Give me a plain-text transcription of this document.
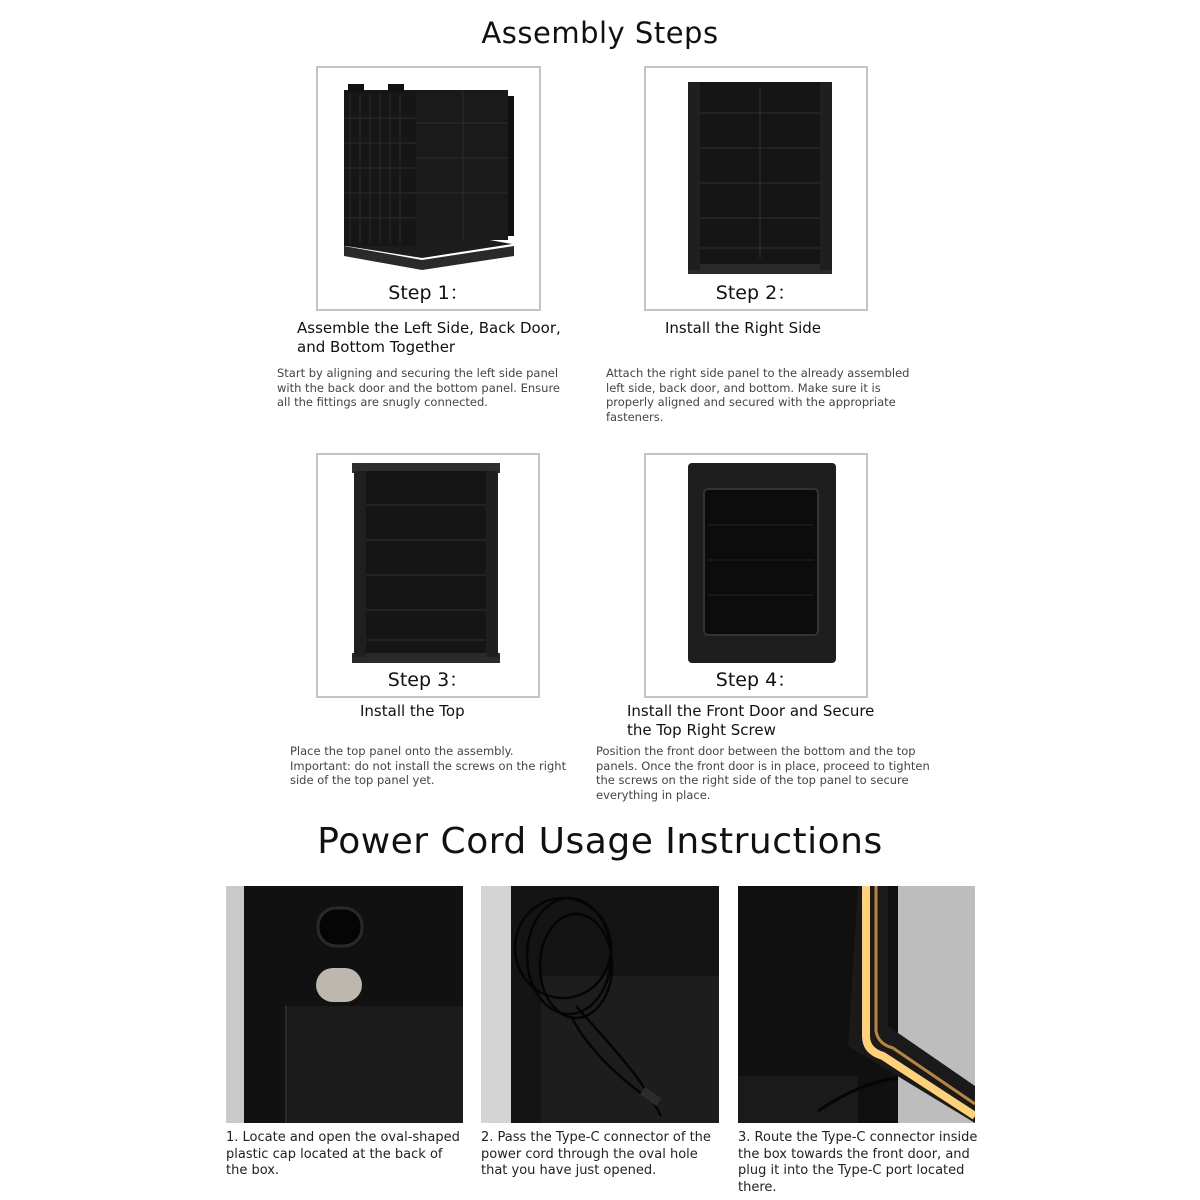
Assembly Steps
Step 1：
Assemble the Left Side, Back Door, and Bottom Together
Start by aligning and securing the left side panel with the back door and the bottom panel. Ensure all the fittings are snugly connected.
Step 2：
Install the Right Side
Attach the right side panel to the already assembled left side, back door, and bottom. Make sure it is properly aligned and secured with the appropriate fasteners.
Step 3：
Install the Top
Place the top panel onto the assembly. Important: do not install the screws on the right side of the top panel yet.
Step 4：
Install the Front Door and Secure the Top Right Screw
Position the front door between the bottom and the top panels. Once the front door is in place, proceed to tighten the screws on the right side of the top panel to secure everything in place.
Power Cord Usage Instructions
1. Locate and open the oval-shaped plastic cap located at the back of the box.
2. Pass the Type-C connector of the power cord through the oval hole that you have just opened.
3. Route the Type-C connector inside the box towards the front door, and plug it into the Type-C port located there.
